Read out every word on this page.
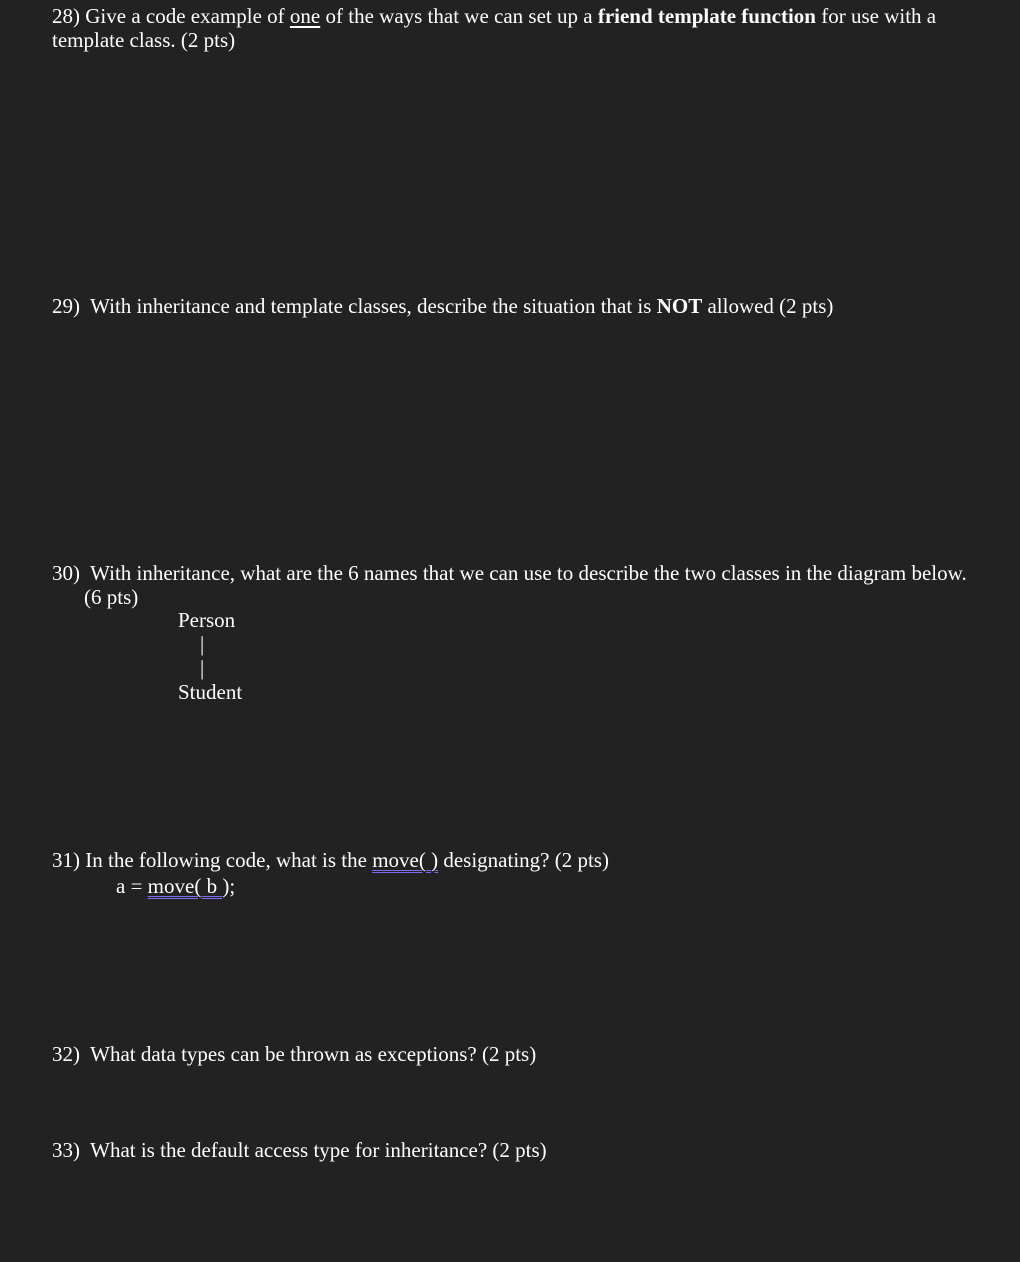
28) Give a code example of one of the ways that we can set up a friend template function for use with a
template class. (2 pts)
29) With inheritance and template classes, describe the situation that is NOT allowed (2 pts)
30) With inheritance, what are the 6 names that we can use to describe the two classes in the diagram below.
(6 pts)
Person
|
|
Student
31) In the following code, what is the move( ) designating? (2 pts)
a = move( b );
32) What data types can be thrown as exceptions? (2 pts)
33) What is the default access type for inheritance? (2 pts)
